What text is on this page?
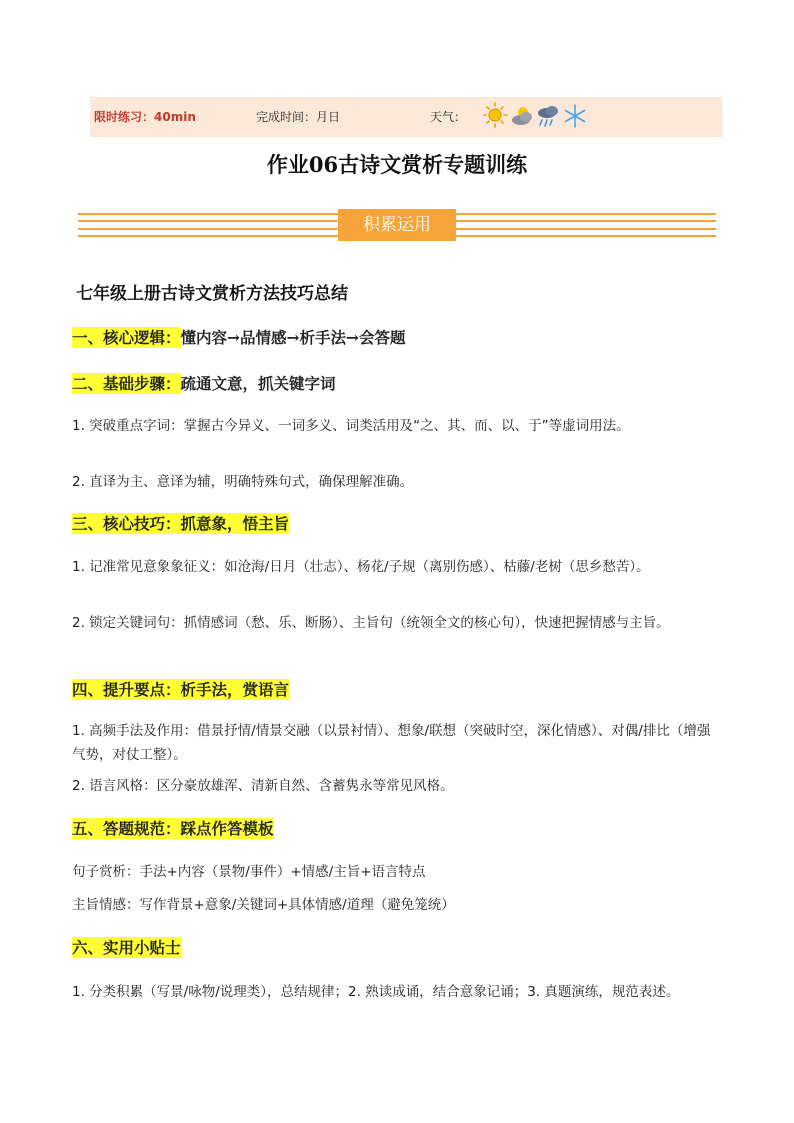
限时练习：40min	完成时间：月日	天气：
作业06古诗文赏析专题训练
积累运用
七年级上册古诗文赏析方法技巧总结
一、核心逻辑：懂内容→品情感→析手法→会答题
二、基础步骤：疏通文意，抓关键字词
1. 突破重点字词：掌握古今异义、一词多义、词类活用及“之、其、而、以、于”等虚词用法。
2. 直译为主、意译为辅，明确特殊句式，确保理解准确。
三、核心技巧：抓意象，悟主旨
1. 记准常见意象象征义：如沧海/日月（壮志）、杨花/子规（离别伤感）、枯藤/老树（思乡愁苦）。
2. 锁定关键词句：抓情感词（愁、乐、断肠）、主旨句（统领全文的核心句），快速把握情感与主旨。
四、提升要点：析手法，赏语言
1. 高频手法及作用：借景抒情/情景交融（以景衬情）、想象/联想（突破时空，深化情感）、对偶/排比（增强气势，对仗工整）。
2. 语言风格：区分豪放雄浑、清新自然、含蓄隽永等常见风格。
五、答题规范：踩点作答模板
句子赏析：手法+内容（景物/事件）+情感/主旨+语言特点
主旨情感：写作背景+意象/关键词+具体情感/道理（避免笼统）
六、实用小贴士
1. 分类积累（写景/咏物/说理类），总结规律；2. 熟读成诵，结合意象记诵；3. 真题演练，规范表述。
